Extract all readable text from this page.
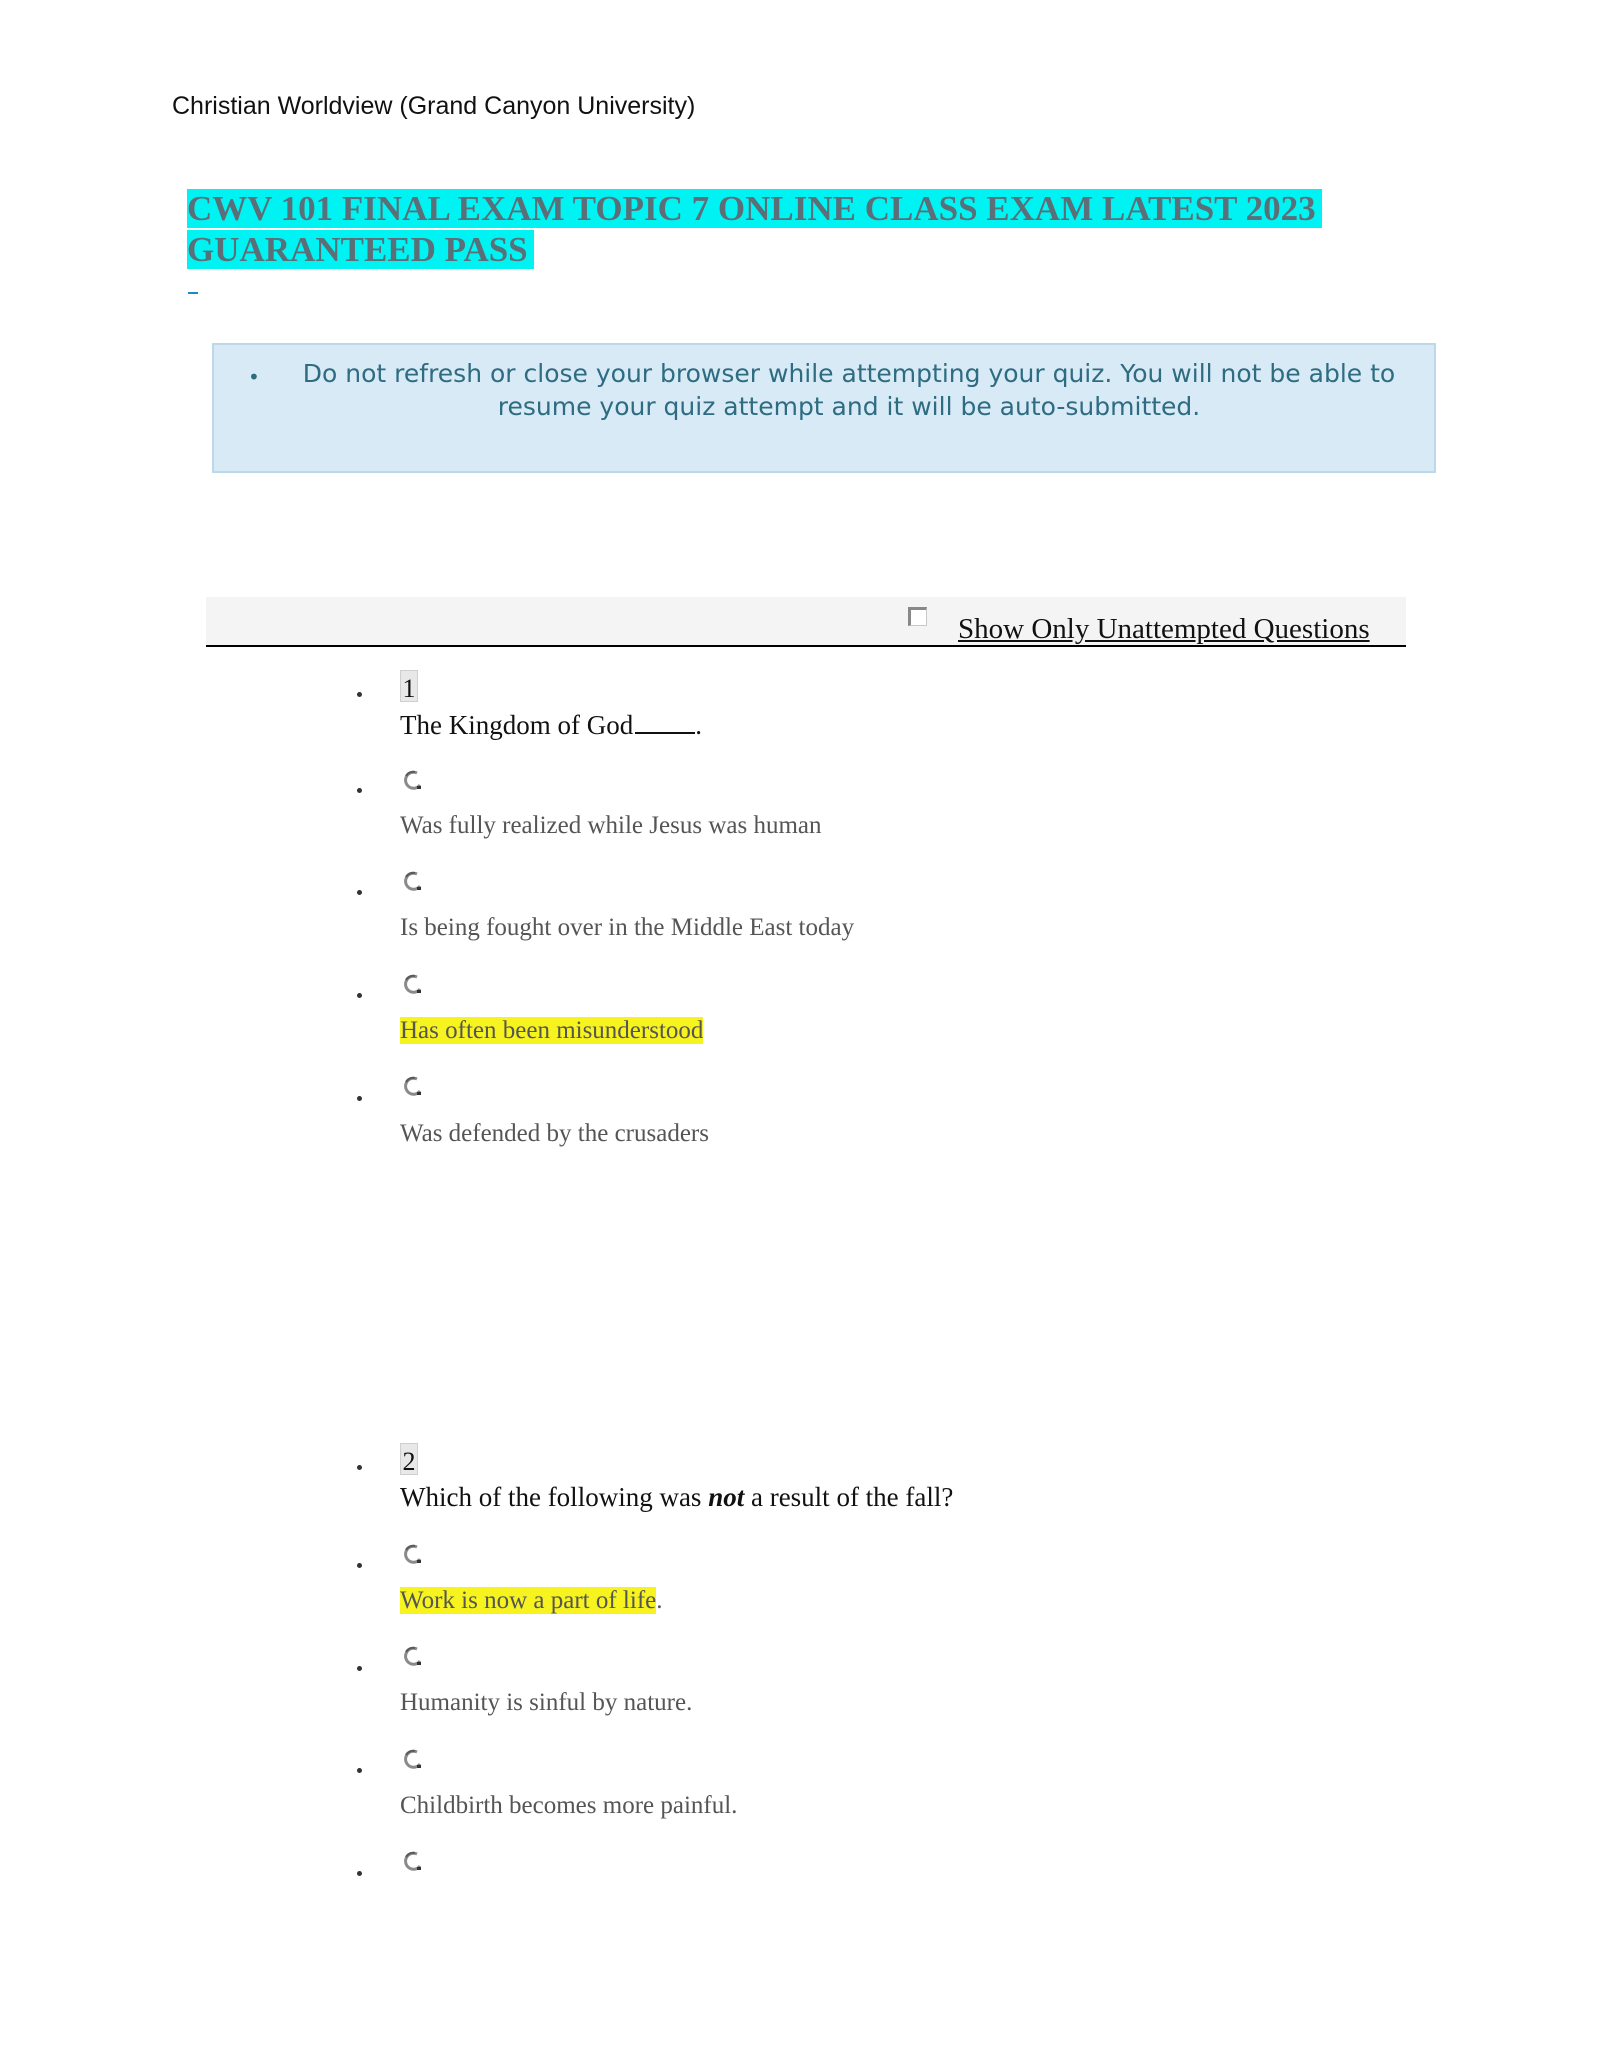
Christian Worldview (Grand Canyon University)
CWV 101 FINAL EXAM TOPIC 7 ONLINE CLASS EXAM LATEST 2023
GUARANTEED PASS
•	Do not refresh or close your browser while attempting your quiz. You will not be able to resume your quiz attempt and it will be auto-submitted.
Show Only Unattempted Questions
1
The Kingdom of God .
Was fully realized while Jesus was human
Is being fought over in the Middle East today
Has often been misunderstood
Was defended by the crusaders
2
Which of the following was not a result of the fall?
Work is now a part of life.
Humanity is sinful by nature.
Childbirth becomes more painful.
